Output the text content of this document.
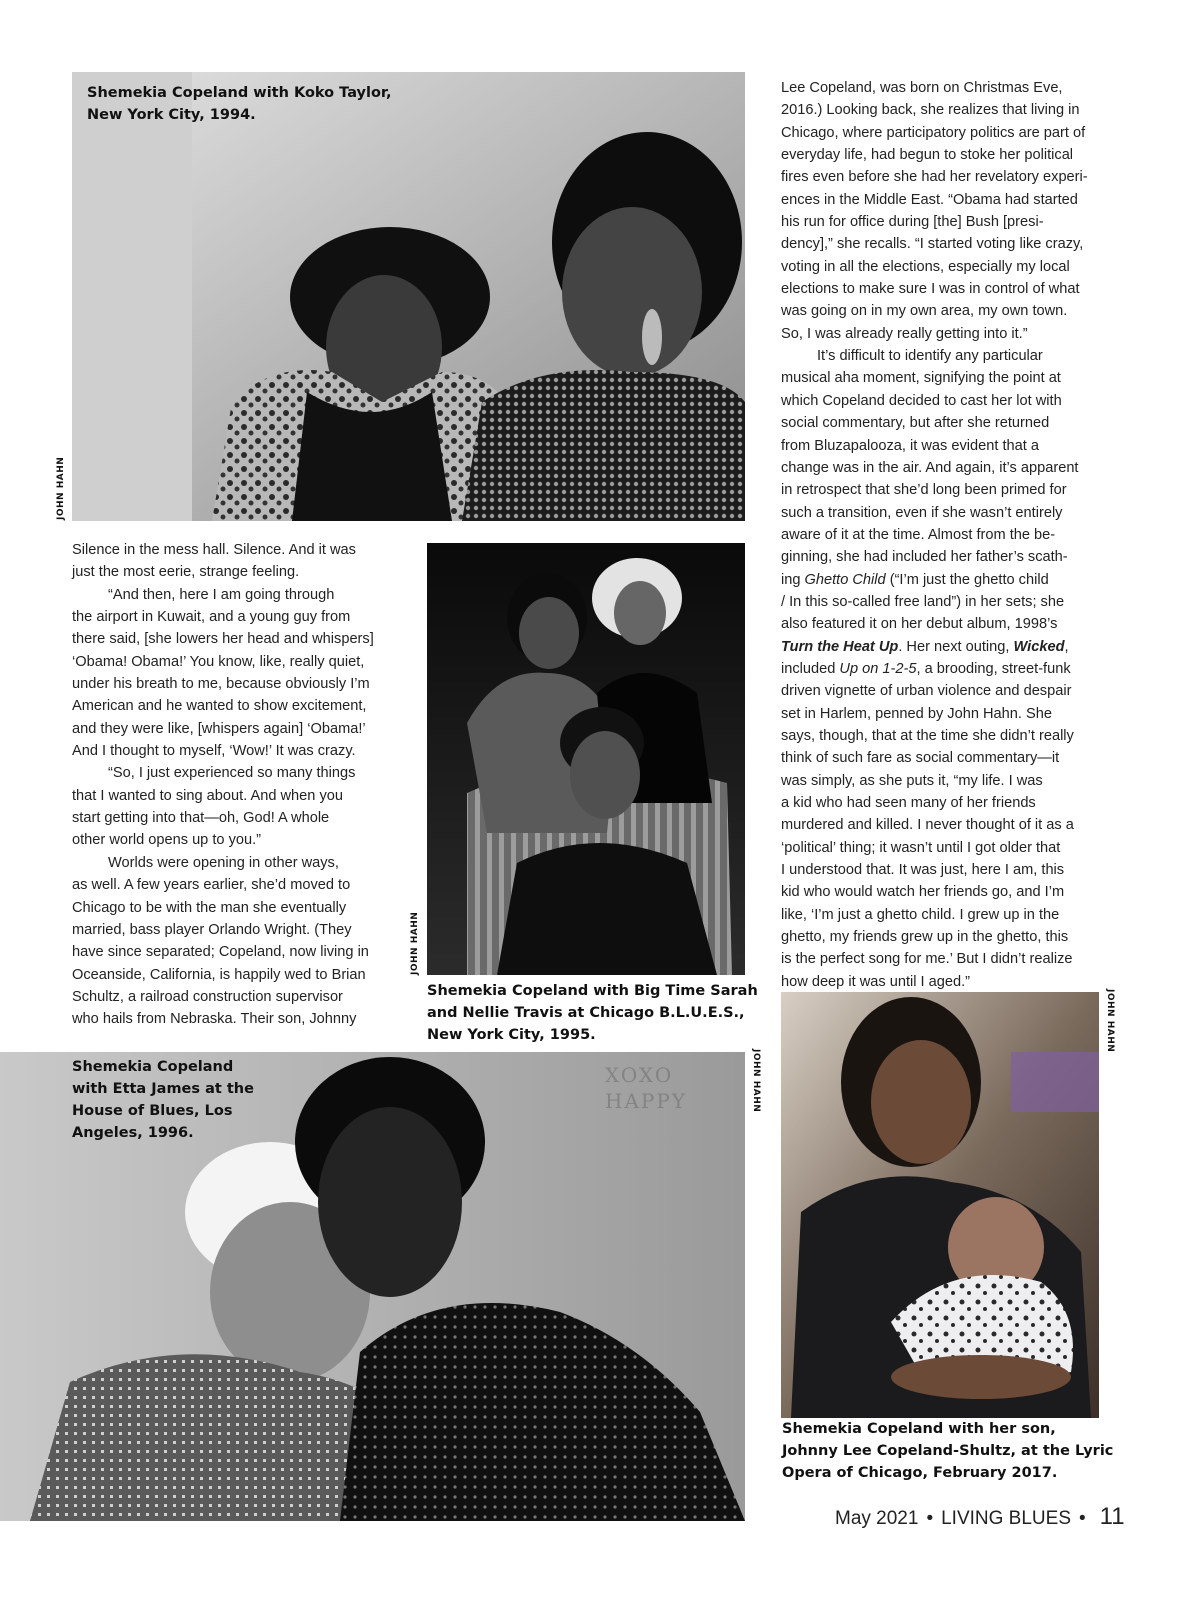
Shemekia Copeland with Koko Taylor,
New York City, 1994.
JOHN HAHN
Silence in the mess hall. Silence. And it was
just the most eerie, strange feeling.
“And then, here I am going through
the airport in Kuwait, and a young guy from
there said, [she lowers her head and whispers]
‘Obama! Obama!’ You know, like, really quiet,
under his breath to me, because obviously I’m
American and he wanted to show excitement,
and they were like, [whispers again] ‘Obama!’
And I thought to myself, ‘Wow!’ It was crazy.
“So, I just experienced so many things
that I wanted to sing about. And when you
start getting into that—oh, God! A whole
other world opens up to you.”
Worlds were opening in other ways,
as well. A few years earlier, she’d moved to
Chicago to be with the man she eventually
married, bass player Orlando Wright. (They
have since separated; Copeland, now living in
Oceanside, California, is happily wed to Brian
Schultz, a railroad construction supervisor
who hails from Nebraska. Their son, Johnny
JOHN HAHN
Shemekia Copeland with Big Time Sarah
and Nellie Travis at Chicago B.L.U.E.S.,
New York City, 1995.
Lee Copeland, was born on Christmas Eve,
2016.) Looking back, she realizes that living in
Chicago, where participatory politics are part of
everyday life, had begun to stoke her political
fires even before she had her revelatory experi-
ences in the Middle East. “Obama had started
his run for office during [the] Bush [presi-
dency],” she recalls. “I started voting like crazy,
voting in all the elections, especially my local
elections to make sure I was in control of what
was going on in my own area, my own town.
So, I was already really getting into it.”
It’s difficult to identify any particular
musical aha moment, signifying the point at
which Copeland decided to cast her lot with
social commentary, but after she returned
from Bluzapalooza, it was evident that a
change was in the air. And again, it’s apparent
in retrospect that she’d long been primed for
such a transition, even if she wasn’t entirely
aware of it at the time. Almost from the be-
ginning, she had included her father’s scath-
ing Ghetto Child (“I’m just the ghetto child
/ In this so-called free land”) in her sets; she
also featured it on her debut album, 1998’s
Turn the Heat Up. Her next outing, Wicked,
included Up on 1-2-5, a brooding, street-funk
driven vignette of urban violence and despair
set in Harlem, penned by John Hahn. She
says, though, that at the time she didn’t really
think of such fare as social commentary—it
was simply, as she puts it, “my life. I was
a kid who had seen many of her friends
murdered and killed. I never thought of it as a
‘political’ thing; it wasn’t until I got older that
I understood that. It was just, here I am, this
kid who would watch her friends go, and I’m
like, ‘I’m just a ghetto child. I grew up in the
ghetto, my friends grew up in the ghetto, this
is the perfect song for me.’ But I didn’t realize
how deep it was until I aged.”
XOXO HAPPY
Shemekia Copeland
with Etta James at the
House of Blues, Los
Angeles, 1996.
JOHN HAHN
JOHN HAHN
Shemekia Copeland with her son,
Johnny Lee Copeland-Shultz, at the Lyric
Opera of Chicago, February 2017.
May 2021 • LIVING BLUES • 11
